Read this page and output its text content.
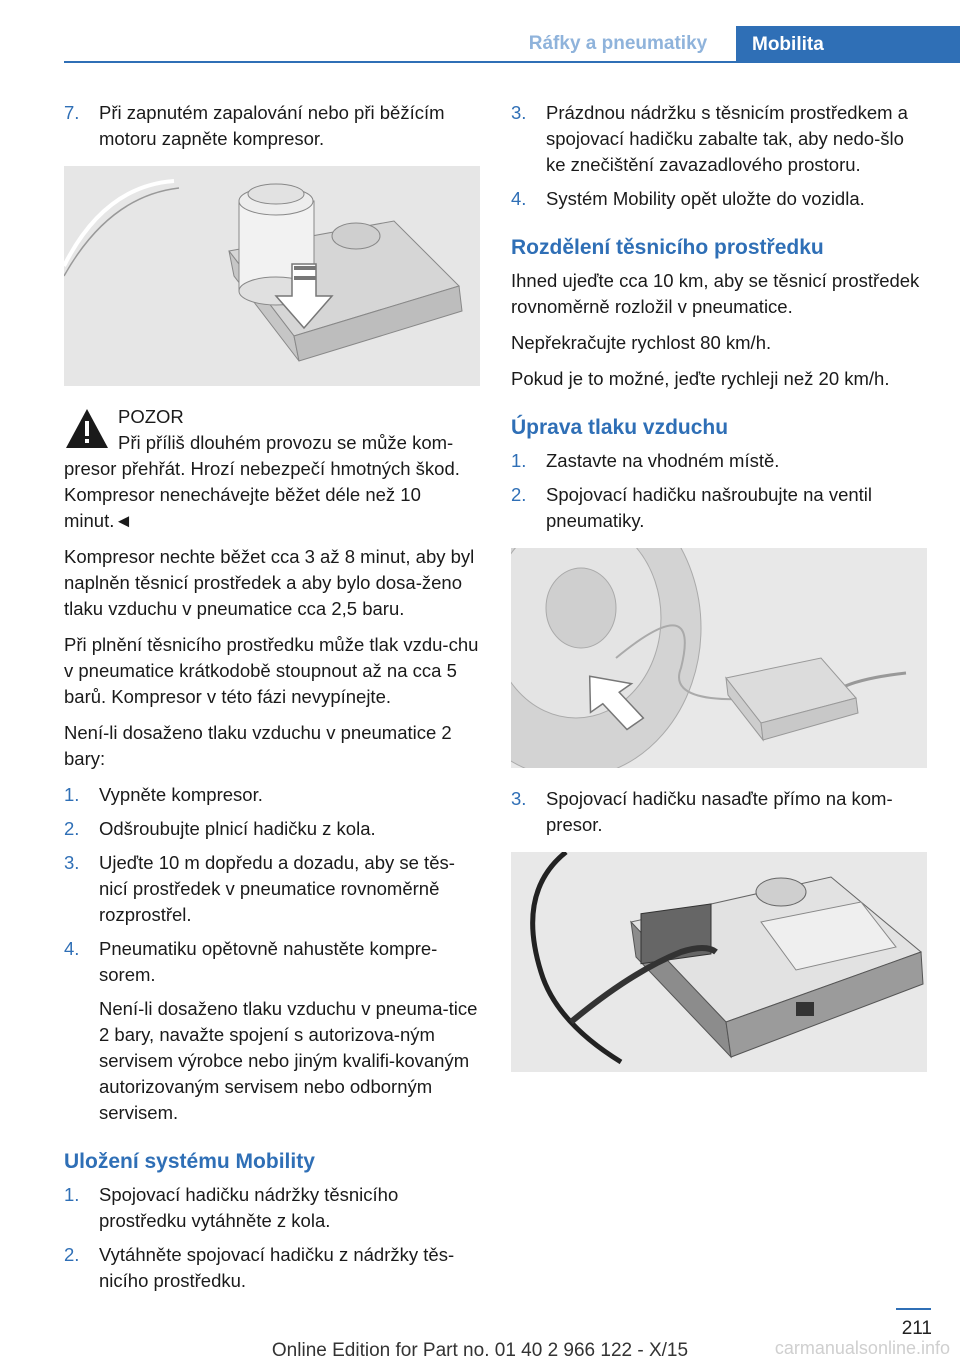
Ráfky a pneumatiky	Mobilita
7. Při zapnutém zapalování nebo při běžícím motoru zapněte kompresor.
POZOR
Při příliš dlouhém provozu se může kom-presor přehřát. Hrozí nebezpečí hmotných škod. Kompresor nenechávejte běžet déle než 10 minut.◄

Kompresor nechte běžet cca 3 až 8 minut, aby byl naplněn těsnicí prostředek a aby bylo dosa-ženo tlaku vzduchu v pneumatice cca 2,5 baru.

Při plnění těsnicího prostředku může tlak vzdu-chu v pneumatice krátkodobě stoupnout až na cca 5 barů. Kompresor v této fázi nevypínejte.

Není-li dosaženo tlaku vzduchu v pneumatice 2 bary:

1. Vypněte kompresor.
2. Odšroubujte plnicí hadičku z kola.
3. Ujeďte 10 m dopředu a dozadu, aby se těs-nicí prostředek v pneumatice rovnoměrně rozprostřel.
4. Pneumatiku opětovně nahustěte kompre-sorem.

Není-li dosaženo tlaku vzduchu v pneuma-tice 2 bary, navažte spojení s autorizova-ným servisem výrobce nebo jiným kvalifi-kovaným autorizovaným servisem nebo odborným servisem.

Uložení systému Mobility
1. Spojovací hadičku nádržky těsnicího prostředku vytáhněte z kola.
2. Vytáhněte spojovací hadičku z nádržky těs-nicího prostředku.
3. Prázdnou nádržku s těsnicím prostředkem a spojovací hadičku zabalte tak, aby nedo-šlo ke znečištění zavazadlového prostoru.
4. Systém Mobility opět uložte do vozidla.
Rozdělení těsnicího prostředku

Ihned ujeďte cca 10 km, aby se těsnicí prostředek rovnoměrně rozložil v pneumatice.

Nepřekračujte rychlost 80 km/h.

Pokud je to možné, jeďte rychleji než 20 km/h.

Úprava tlaku vzduchu
1. Zastavte na vhodném místě.
2. Spojovací hadičku našroubujte na ventil pneumatiky.
3. Spojovací hadičku nasaďte přímo na kom-presor.
211
Online Edition for Part no. 01 40 2 966 122 - X/15	carmanualsonline.info
